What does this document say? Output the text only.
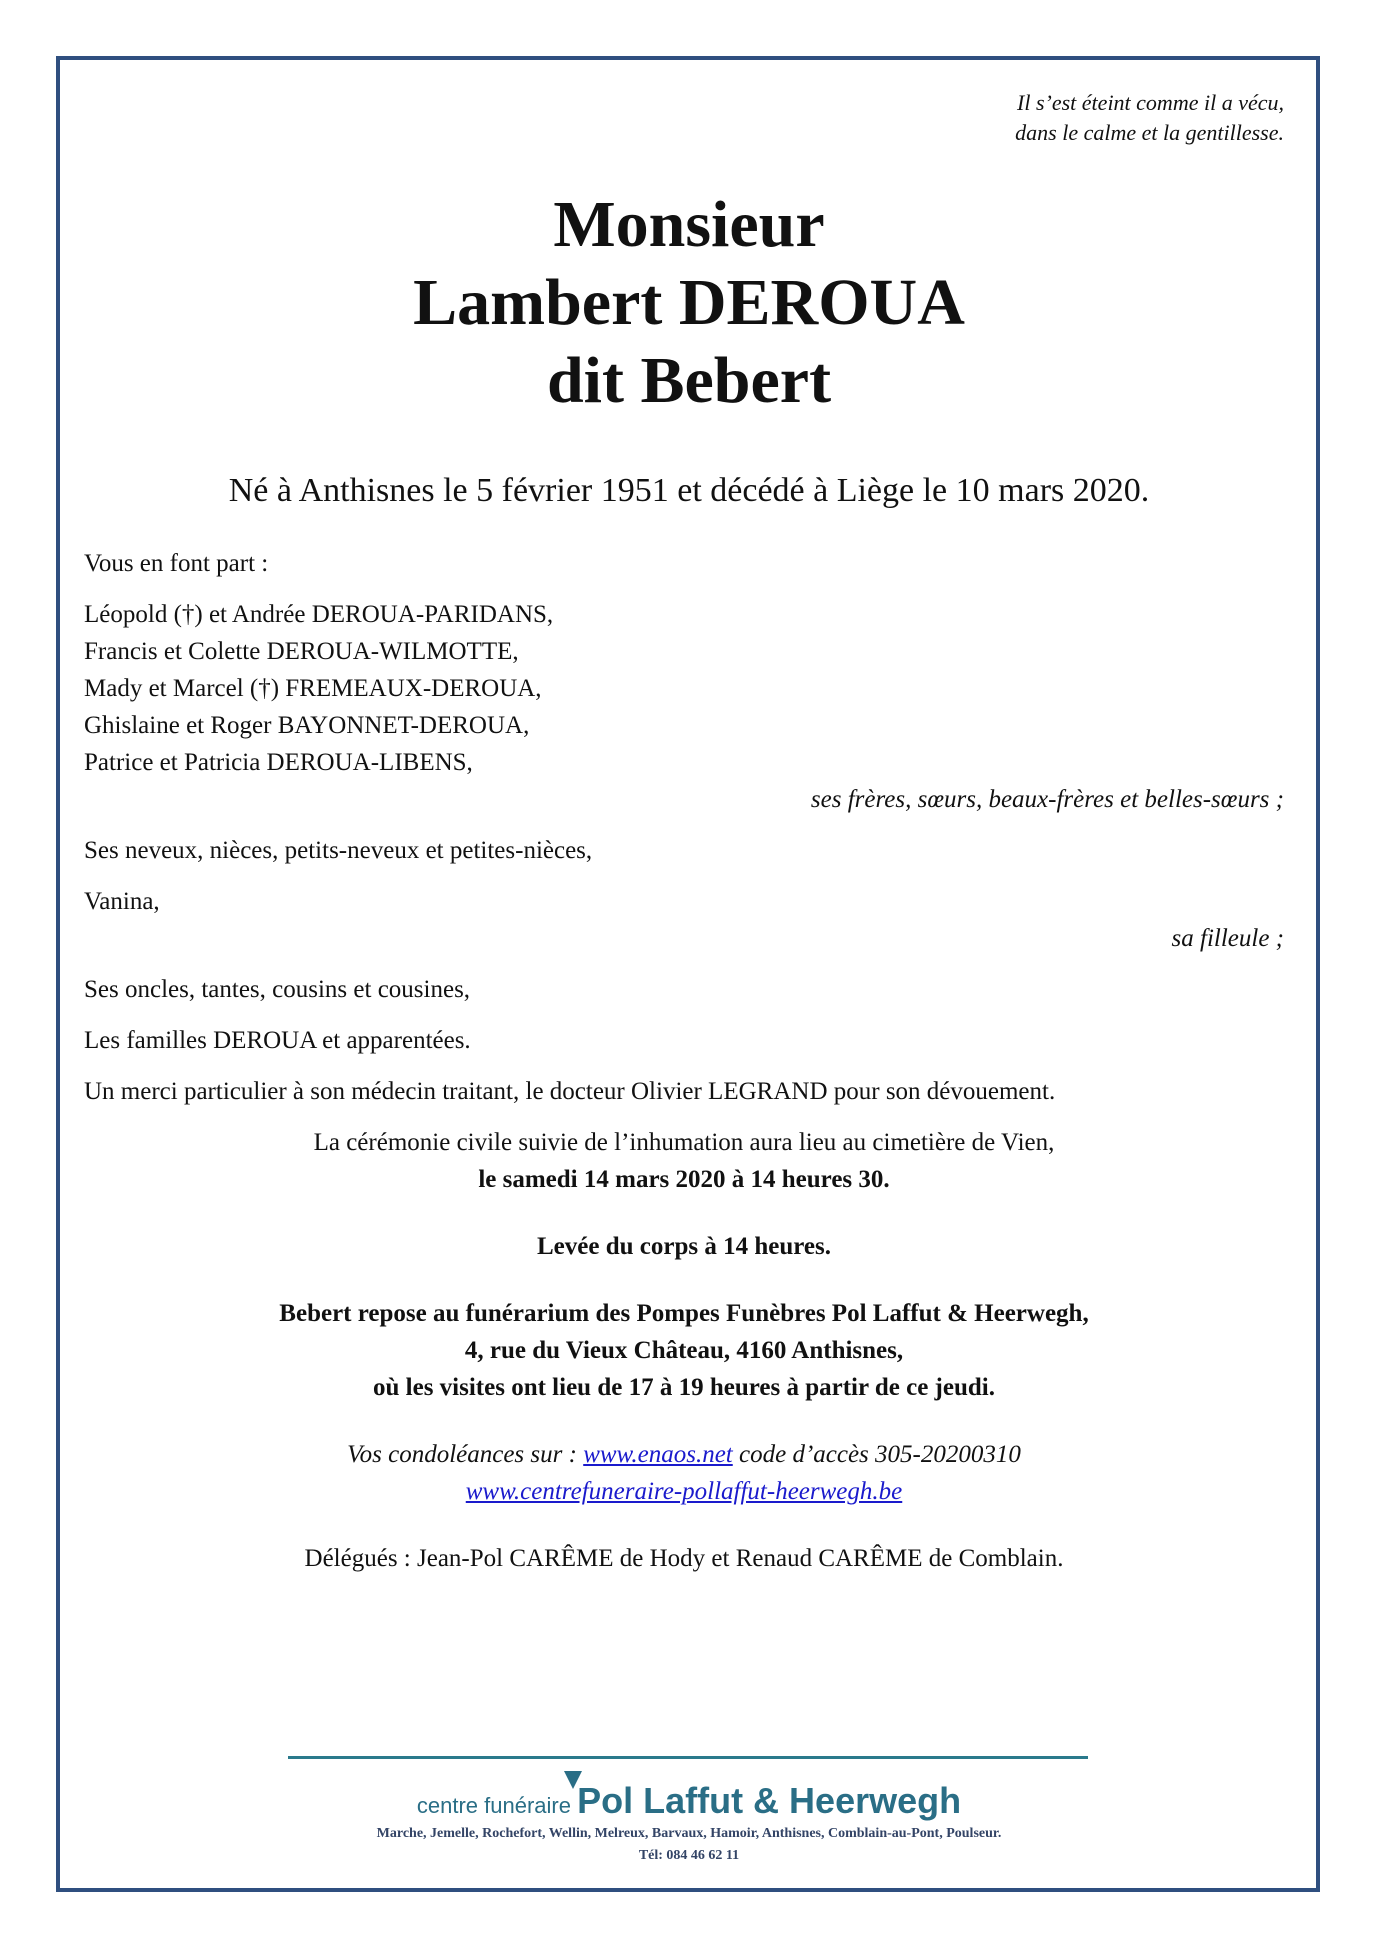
Il s’est éteint comme il a vécu,
dans le calme et la gentillesse.
Monsieur
Lambert DEROUA
dit Bebert
Né à Anthisnes le 5 février 1951 et décédé à Liège le 10 mars 2020.
Vous en font part :
Léopold (†) et Andrée DEROUA-PARIDANS,
Francis et Colette DEROUA-WILMOTTE,
Mady et Marcel (†) FREMEAUX-DEROUA,
Ghislaine et Roger BAYONNET-DEROUA,
Patrice et Patricia DEROUA-LIBENS,
ses frères, sœurs, beaux-frères et belles-sœurs ;
Ses neveux, nièces, petits-neveux et petites-nièces,
Vanina,
sa filleule ;
Ses oncles, tantes, cousins et cousines,
Les familles DEROUA et apparentées.
Un merci particulier à son médecin traitant, le docteur Olivier LEGRAND pour son dévouement.
La cérémonie civile suivie de l’inhumation aura lieu au cimetière de Vien,
le samedi 14 mars 2020 à 14 heures 30.
Levée du corps à 14 heures.
Bebert repose au funérarium des Pompes Funèbres Pol Laffut & Heerwegh,
4, rue du Vieux Château, 4160 Anthisnes,
où les visites ont lieu de 17 à 19 heures à partir de ce jeudi.
Vos condoléances sur : www.enaos.net code d’accès 305-20200310
www.centrefuneraire-pollaffut-heerwegh.be
Délégués : Jean-Pol CARÊME de Hody et Renaud CARÊME de Comblain.
centre funéraire Pol Laffut & Heerwegh
Marche, Jemelle, Rochefort, Wellin, Melreux, Barvaux, Hamoir, Anthisnes, Comblain-au-Pont, Poulseur.
Tél: 084 46 62 11
